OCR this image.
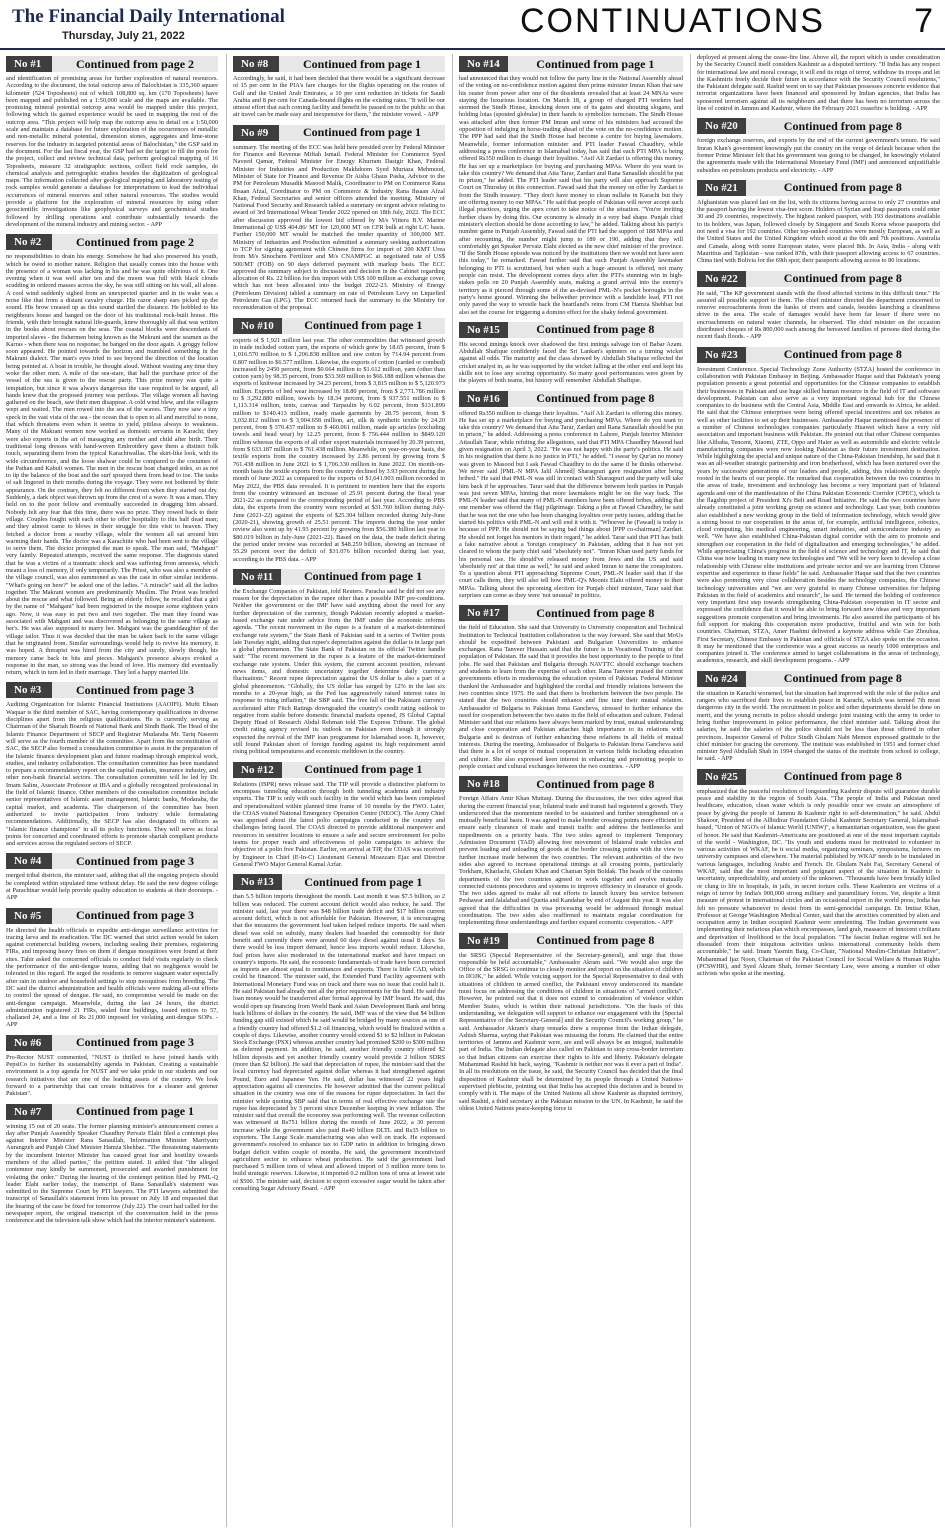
The Financial Daily International
Thursday, July 21, 2022	CONTINUATIONS	7
No #1	Continued from page 2
and identification of promising areas for further exploration of natural resources. According to the document, the total outcrop area of Balochistan is 335,360 square kilometer (524 Toposheets) out of which 108,800 sq. km (170 Toposheets) have been mapped and published on a 1:50,000 scale and the maps are available. The promising mineral potential outcrop area would be mapped under this project, following which its gained experience would be used in mapping the rest of the outcrop area. "This project will help map the outcrop area in detail on a 1:50,000 scale and maintain a database for future exploration of the occurrences of metallic and non-metallic mineral potential, dimension stones, aggregates and lime-stone reserves for the industry in targeted potential areas of Balochistan," the GSP said in the document. For the last fiscal year, the GSP had set the target to fill the posts for the project, collect and review technical data, perform geological mapping of 16 Toposheets, measure 32 stratigraphic sections, collect field rock samples, do chemical analysis and petrographic studies besides the digitization of geological maps. The information collected after geological mapping and laboratory testing of rock samples would generate a database for interpretations to lead the individual occurrences of mineral reserves and other natural resources. The studies would provide a platform for the exploration of mineral resources by using other geoscientific investigations like geophysical surveys and geochemical studies followed by drilling operations and contribute substantially towards the development of the mineral industry and mining sector. - APP
No #2	Continued from page 2
no responsibilities to drain his energy. Somehow he had also preserved his youth, which he owed to mother nature. Religion that usually comes into the house with the presence of a woman was lacking in his and he was quite oblivious of it. One evening when it was well after ten and the moon was full with black clouds scudding in ordered masses across the sky, he was still sitting on his wall, all alone. A cool wind suddenly sighed from an unexpected quarter and in its wake was a noise like that from a distant cavalry charge. His razor sharp ears picked up the sound. His brow creased up as this sound startled the distance. He hobbled to his neighbours house and banged on the door of his traditional rock-built house. His friends, with their brought natural life-guards, knew thoroughly all that was written in the books about rescues on the seas. The coastal blocks were descendants of imported slaves - the fishermen being known as the Mekrani and the seamen as the Karras - when there was no response; he banged on the door again. A groggy fellow soon appeared. He pointed towards the horizon and mumbled something in the Makrani dialect. The man's eyes tried to see beyond the direction of the location being pointed at. A boat in trouble, he thought aloud. Without wasting any time they woke the other men. A mile of the sea-stare, that half the purchase price of the vessel of the sea is given to the rescue party. This prize money was quite a temptation, but since it was always dangerous the case required to be argued, all hands knew that the proposed journey was perilous. The village women all having gathered on the beach, saw their men disappear. A cold wind blew, and the villagers wept and waited. The men rowed into the sea of the waves. They now saw a tiny speck in the vast vista of the sea - the ocean that is open to all and merciful to none, that which threatens even when it seems to yield, pitiless always to weakness. Many of the Makrani women now worked as domestic servants in Karachi; they were also experts in the art of massaging any mother and child after birth. Their traditional long dresses with hand-woven Embroidery gave them a distinct folk touch, separating them from the typical Karachiwallas. The skirt-like look, with its wide circumference, and the loose shalwar could be compared to the costumes of the Pathan and Kabuli women. The men in the rescue boat changed sides, so as not to tip the balance of the boat and the surf sprayed them from head to toe. The tasks of salt lingered in their mouths during the voyage. They were not bothered by their appearance. On the contrary, they felt no different from when they started out dry. Suddenly, a dark object was thrown up from the crest of a wave. It was a man. They held on to the poor fellow and eventually succeeded in dragging him aboard. Nobody felt any fear that this time, there was no prize. They rowed back to their village. Couples fought with each other to offer hospitality to this half dead man; and they almost came to blows in their struggle for this visit to heaven. They fetched a doctor from a nearby village, while the women all sat around him warming their hands. The doctor was a Karachiite who had been sent to the village to serve them. The doctor prompted the man to speak. The man said, "Mahgani" very faintly. Repeated attempts, received the same response. The diagnosis stated that he was a victim of a traumatic shock and was suffering from amnesia, which meant a loss of memory, if only temporarily. The Priest, who was also a member of the village council, was also summoned as was the case in other similar incidents. "What's going on here?" he asked one of the ladies. "A miracle" said all the ladies together. The Makrani women are predominantly Muslim. The Priest was briefed about the rescue and what followed. Being an elderly fellow, he recalled that a girl by the name of "Mahgani" had been registered in the mosque some eighteen years ago. Now, it was easy to put two and two together. The man they found was associated with Mahgani and was discovered as belonging to the same village as her's. He was also supposed to marry her. Mahgani was the granddaughter of the village tailor. Thus it was decided that the man be taken back to the same village that he originated from. Similar surroundings would help to revive his memory, it was hoped. A therapist was hired from the city and surely, slowly though, his memory came back in bits and pieces. Mahgani's presence always evoked a response in the man, so strong was the bond of love. His memory did eventually return, which in turn led to their marriage. They led a happy married life.
No #3	Continued from page 3
Auditing Organization for Islamic Financial Institutions (AAOIFI). Mufti Ehsan Waquar is the third member of SAC, having contemporary qualifications in diverse disciplines apart from the religious qualifications. He is currently serving as Chairman of the Shariah Boards of National Bank and Sindh Bank. The Head of the Islamic Finance Department of SECP and Registrar Mudaraba Mr. Tariq Naseem will serve as the fourth member of the committee. Apart from the reconstitution of SAC, the SECP also formed a consultation committee to assist in the preparation of the Islamic finance development plan and future roadmap through empirical work, studies, and industry collaboration. The consultation committee has been mandated to prepare a recommendatory report on the capital markets, insurance industry, and other non-bank financial sectors. The consultation committee will be led by Dr. Imam Salim, Associate Professor at IBA and a globally recognized professional in the field of Islamic finance. Other members of the consultation committee include senior representatives of Islamic asset management, Islamic banks, Modaraba, the capital market, and academia. The chairperson of the committee has been authorized to invite participation from industry while formulating recommendations. Additionally, the SECP has also designated its officers as "Islamic finance champions" in all its policy functions. They will serve as focal points for concerted and coordinated efforts to promote shariah compliant products and services across the regulated sectors of SECP.
No #4	Continued from page 3
merged tribal districts, the minister said, adding that all the ongoing projects should be completed within stipulated time without delay. He said the new degree college at Parachinar would help provide quality education to students at their doorsteps. - APP
No #5	Continued from page 3
He directed the health officials to expedite anti-dengue surveillance activities for tracing larva and its eradication. The DC warned that strict action would be taken against commercial building owners, including sealing their premises, registering FIRs, and imposing heavy fines on them if dengue mosquitoes were found at their sites. Tahir asked the concerned officials to conduct field visits regularly to check the performance of the anti-dengue teams, adding that no negligence would be tolerated in this regard. He urged the residents to remove stagnant water especially after rain in outdoor and household settings to stop mosquitoes from breeding. The DC said the district administration and health officials were making all-out efforts to control the spread of dengue. He said, no compromise would be made on the anti-dengue campaign. Meanwhile, during the last 24 hours, the district administration registered 21 FIRs, sealed four buildings, issued notices to 57, challaned 24, and a fine of Rs 21,000 imposed for violating anti-dengue SOPs. - APP
No #6	Continued from page 3
Pro-Rector NUST commented, "NUST is thrilled to have joined hands with PepsiCo to further its sustainability agenda in Pakistan. Creating a sustainable environment is a top agenda for NUST and we take pride in our students and our research initiatives that are one of the leading assets of the country. We look forward to a partnership that can create initiatives for a cleaner and greener Pakistan".
No #7	Continued from page 1
winning 15 out of 20 seats. The former planning minister's announcement comes a day after Punjab Assembly Speaker Chaudhry Pervaiz Elahi filed a contempt plea against Interior Minister Rana Sanaullah, Information Minister Marriyum Aurangzeb and Punjab Chief Minister Hamza Shehbaz. "The threatening statements by the incumbent Interior Minister has caused great fear and hostility towards members of the allied parties," the petition stated. It added that "the alleged contemnor may kindly be summoned, prosecuted and awarded punishment for violating the order." During the hearing of the contempt petition filed by PML-Q leader Elahi earlier today, the transcript of Rana Sanaullah's statement was submitted to the Supreme Court by PTI lawyers. The PTI lawyers submitted the transcript of Sanaullah's statement from his presser on July 18 and requested that the hearing of the case be fixed for tomorrow (July 22). The court had called for the newspaper report, the original transcript of the conversation held in the press conference and the television talk show which had the interior minister's statement.
No #8	Continued from page 1
Accordingly, he said, it had been decided that there would be a significant decrease of 15 per cent in the PIA's fare charges for the flights operating on the routes of Gulf and the United Arab Emirates, a 10 per cent reduction in tickets for Saudi Arabia and 8 per cent for Canada-bound flights on the existing rates. "It will be our utmost effort that each coming facility and benefit be passed on to the public so that air travel can be made easy and inexpensive for them," the minister vowed. - APP
No #9	Continued from page 1
summary. The meeting of the ECC was held here presided over by Federal Minister for Finance and Revenue Miftah Ismail. Federal Minister for Commerce Syed Naveed Qamar, Federal Minister for Energy Khurram Dastgir Khan, Federal Minister for Industries and Production Makhdoom Syed Murtaza Mehmood, Minister of State for Finance and Revenue Dr Aisha Ghaus Pasha, Advisor to the PM for Petroleum Musadik Masood Malik, Coordinator to PM on Commerce Rana Ihsaan Afzal, Coordinator to PM on Commerce & Industry Rana Ihsaan Afzal Khan, Federal Secretaries and senior officers attended the meeting. Ministry of National Food Security and Research tabled a summary on urgent advice relating to award of 3rd International Wheat Tender 2022 opened on 18th July, 2022. The ECC after discussion approved the lowest bid offered by M/s Vittera B.V. Marine International @ US$ 404.86/ MT for 120,000 MT on CFR bulk at right L/C basis. Further 150,000 MT would be matched the tender quantity of 300,000 MT. Ministry of Industries and Production submitted a summary seeking authorization to TCP for signing agreement with Chinese firms for import of 200 KMT Urea from M/s Sinochem Fertilizer and M/s CNAMPGC at negotiated rate of US$ 500/MT (FOB) on 90 days deferred payment with markup basis. The ECC approved the summary subject to discussion and decision in the Cabinet regarding allocation of Rs. 22 billion for this import with US$ 100 million as exchange cover, which has not been allocated into the budget 2022-23. Ministry of Energy (Petroleum Division) tabled a summary on rate of Petroleum Levy on Liquefied Petroleum Gas (LPG). The ECC returned back the summary to the Ministry for reconsideration of the proposal.
No #10	Continued from page 1
exports of $ 1,921 million last year. The other commodities that witnessed growth in trade included cotton yarn, the exports of which grew by 18.65 percent, from $ 1,016.570 million to $ 1,206.838 million and raw cotton by 714.94 percent from 0.807 million to $6.577 million. Likewise, the exports of cotton (carded or combed) increased by 2450 percent, from $0.664 million to $1.612 million, yarn (other than cotton yarn) by 98.35 percent, from $33.369 million to $66.188 million whereas the exports of knitwear increased by 34.23 percent, from $ 3,815 million to $ 5,120.973 million. Exports of bed wear increased by 18.80 percent, from $ 2,771.786 million to $ 3,292.880 million, towels by 18.34 percent, from $ 937.551 million to $ 1,113.314 million, tents, canvas and Tarpaulin by 6.02 percent, from $131.899 million to $140.413 million, ready made garments by 28.75 percent, from $ 3,032.812 million to $ 3,904.658 million, art, silk & synthetic textile by 24.20 percent, from $ 370.437 million to $ 460.061 million, made up articles (excluding towels and bead wear) by 12.25 percent, from $ 756.444 million to $849.120 million whereas the exports of all other export materials increased by 20.39 percent, from $ 633.187 million to $ 761.438 million. Meanwhile, on year-on-year basis, the textile exports from the country increased by 2.86 percent by growing from $ 761.438 million in June 2021 to $ 1,706.330 million in June 2022. On month-on-month basis the textile exports from the country declined by 3.93 percent during the month of June 2022 as compared to the exports of $1,641.903 million recorded in May 2022, the PBS data revealed. It is pertinent to mention here that the exports from the country witnessed an increase of 25.91 percent during the fiscal year 2021-22 as compared to the corresponding period of last year. According to PBS data, the exports from the country were recorded at $31.760 billion during July-June (2021-22) against the exports of $25.304 billion recorded during July-June (2020-21), showing growth of 25.51 percent. The imports during the year under review also went up by 41.93 percent by growing from $56.380 billion last year to $80.019 billion in July-June (2021-22). Based on the data, the trade deficit during the period under review was recorded at $48.259 billion, showing an increase of 55.29 percent over the deficit of $31.076 billion recorded during last year, according to the PBS data. - APP
No #11	Continued from page 1
the Exchange Companies of Pakistan, told Reuters. Paracha said he did not see any reason for the depreciation in the rupee other than a possible IMF pre-conditions. Neither the government or the IMF have said anything about the need for any further depreciation of the currency, though Pakistan recently adopted a market-based exchange rate under advice from the IMF under the economic reforms agenda. "The recent movement in the rupee is a feature of a market-determined exchange rate system," the State Bank of Pakistan said in a series of Twitter posts late Tuesday night, adding that rupee's depreciation against the dollar is in large part a global phenomenon. The State Bank of Pakistan on its official Twitter handle said: "The recent movement in the rupee is a feature of the market-determined exchange rate system. Under this system, the current account position, relevant news items, and domestic uncertainty together determine daily currency fluctuations." Recent rupee depreciation against the US dollar is also a part of a global phenomenon. "Globally, the US dollar has surged by 12% in the last six months to a 20-year high, as the Fed has aggressively raised interest rates in response to rising inflation," the SBP said. The free fall of the Pakistani currency accelerated after Fitch Ratings downgraded the country's credit rating outlook to negative from stable before domestic financial markets opened, JS Global Capital Deputy Head of Research Abdul Rehman told The Express Tribune. The global credit rating agency revised its outlook on Pakistan even though it strongly expected the revival of the IMF loan programme for Islamabad soon. It, however, still found Pakistan short of foreign funding against its high requirement amid rising political temperatures and economic meltdown in the country.
No #12	Continued from page 1
Relations (ISPR) news release said. The TIP will provide a distinctive platform to encompass tunneling education through both tunneling academia and industry experts. The TIP is only with such facility in the world which has been completed and operationalized within planned time frame of 10 months by the FWO. Later, the COAS visited National Emergency Operation Centre (NEOC). The Army Chief was apprised about the latest polio campaigns conducted in the country and challenges being faced. The COAS directed to provide additional manpower and resources in sensitive locations to ensure a safe and secure environment for polio teams for proper reach and effectiveness of polio campaigns to achieve the objective of a polio free Pakistan. Earlier, on arrival at TIP, the COAS was received by Engineer in Chief (E-In-C) Lieutenant General Moazzam Ejaz and Director General FWO Major General Kamal Azfar.
No #13	Continued from page 1
than 5.5 billion imports throughout the month. Last month it was $7.5 billion, so 2 billion was reduced. The current account deficit would also reduce, he said. The minister said, last year there was $48 billion trade deficit and $17 billion current account deficit, which is not affordable for Pakistan. However, it is encouraging that the measures the government had taken helped reduce imports. He said when diesel was sold on subsidy, many dealers had hoarded the commodity for their benefit and currently there were around 60 days diesel against usual 8 days. So there would be less import demand, hence less imports would reduce. Likewise, fuel prices have also moderated in the international market and have impact on country's imports. He said, the economic fundamentals of trade have been corrected as imports are almost equal to remittances and exports. There is little CAD, which could be financed. The minister said, the Extended Fund Facility agreement with International Monetary Fund was on track and there was no issue that could halt it. He said Pakistan had already met all the prior requirements for the fund. He said the loan money would be transferred after formal approval by IMF board. He said, this would open up financing from World Bank and Asian Development Bank and bring back billions of dollars in the country. He said, IMF was of the view that $4 billion funding gap still existed which he said would be bridged by many sources as one of a friendly country had offered $1.2 oil financing, which would be finalized within a couple of days. Likewise, another country would extend $1 to $2 billion in Pakistan Stock Exchange (PSX) whereas another country had promised $200 to $300 million as deferred payment. In addition, he said, another friendly country offered $2 billion deposits and yet another friendly country would provide 2 billion SDRS (more than $2 billion). He said that depreciation of rupee, the minister said that the local currency had depreciated against dollar whereas it had strengthened against Pound, Euro and Japanese Yen. He said, dollar has witnessed 22 years high appreciation against all currencies. He however admitted that the current political situation in the country was one of the reasons for rupee depreciation. In fact the minister while quoting SBP said that in terms of real effective exchange rate the rupee has depreciated by 3 percent since December keeping in view inflation. The minister said that overall the economy was performing well. The revenue collection was witnessed at Rs751 billion during the month of June 2022, a 30 percent increase while the government also paid Rs40 billion DLTL and Rs35 billion to exporters. The Large Scale manufacturing was also well on track. He expressed government's resolved to enhance tax to GDP ratio in addition to bringing down budget deficit within couple of months. He said, the government incentivized agriculture sector to enhance wheat production. He said the government had purchased 5 million tons of wheat and allowed import of 3 million more tons to build strategic reserves. Likewise, it imported 0.2 million tons of urea at lowest rate of $500. The minister said, decision to export excessive sugar would be taken after consulting Sugar Advisory Board. - APP
No #14	Continued from page 1
had announced that they would not follow the party line in the National Assembly ahead of the voting on no-confidence motion against then prime minister Imran Khan that saw his ouster from power after one of the dissidents revealed that at least 24 MNAs were staying the luxurious location. On March 18, a group of charged PTI workers had stormed the Sindh House, knocking down one of its gates and shouting slogans, and holding lotas (spouted globular) in their hands to symbolize turncoats. The Sindh House was attacked after then former PM Imran and some of his ministers had accused the opposition of indulging in horse-trading ahead of the vote on the no-confidence motion. The PPP had said that the Sindh House had become a centre for buying lawmakers. Meanwhile, former information minister and PTI leader Fawad Chaudhry, while addressing a press conference in Islamabad today, has said that each PTI MPA is being offered Rs350 million to change their loyalties. "Asif Ali Zardari is offering this money. He has set up a marketplace for buying and purchasing MPAs. Where do you want to take this country? We demand that Atta Tarar, Zardari and Rana Sanaullah should be put in prison," he added. The PTI leader said that his party will also approach Supreme Court on Thursday in this connection. Fawad said that the money on offer by Zardari is from the Sindh treasury. "They don't have money to clean nullahs in Karachi but they are offering money to our MPAs." He said that people of Pakistan will never accept such illegal practices, urging the apex court to take notice of the situation. "You're inviting further chaos by doing this. Our economy is already in a very bad shape. Punjab chief minister's election should be done according to law," he added. Talking about his party's number game in Punjab Assembly, Fawad said the PTI had the support of 188 MPAs and after recounting, the number might jump to 189 or 190, adding that they will comfortably get Speaker Pervaiz Elahi elected as the new chief minister of the province. "If the Sindh House episode was noticed by the institutions then we would not have seen this today," he remarked. Fawad further said that each Punjab Assembly lawmaker belonging to PTI is scrutinised, but when such a huge amount is offered, not many people can resist. The development comes days after the PTI's stunning win in high-stakes polls on 20 Punjab Assembly seats, making a grand arrival into the enemy's territory as it pierced through some of the as-devised PML-N's pocket boroughs in the party's home ground. Winning the bellwether province with a landslide lead, PTI not only paved the way to wrestle back the heartland's reins from CM Hamza Shehbaz but also set the course for triggering a domino effect for the shaky federal government.
No #15	Continued from page 8
His second innings knock over shadowed the first innings salvage ton of Babar Azam. Abdullah Shafique confidently faced the Sri Lankan's spinners on a turning wicket against all odds. The maturity and the class showed by Abdullah Shafique reflected the cricket analyst in, as he was supported by the wicket falling at the other end and kept his skills not to lose any scoring opportunity. So many good performances were given by the players of both teams, but history will remember Abdullah Shafique.
No #16	Continued from page 8
offered Rs350 million to change their loyalties. "Asif Ali Zardari is offering this money. He has set up a marketplace for buying and purchasing MPAs. Where do you want to take this country? We demand that Atta Tarar, Zardari and Rana Sanaullah should be put in prison," he added. Addressing a press conference in Lahore, Punjab Interior Minister Attaullah Tarar, while refuting the allegations, said that PTI MPA Chaudhry Masood had given resignation on April 3, 2022. "He was not happy with the party's politics. He said in his resignation that there is no justice in PTI," he added. "I swear by Qur'an no money was given to Masood but I ask Fawad Chaudhry to do the same if he thinks otherwise. We never said [PML-N MPA Jalil Ahmed] Sharaqpuri gave resignation after being bribed." He said that PML-N was still in contact with Sharaqpuri and the party will take him back if he approaches. Tarar said that the difference between both parties in Punjab was just seven MPAs, hinting that more lawmakers might be on the way back. The PML-N leader said that many of PML-N members have been offered bribes, adding that one member was offered the Hajj pilgrimage. Taking a jibe at Fawad Chaudhry, he said that he was not the one who has been changing loyalties over petty issues, adding that he started his politics with PML-N and will end it with it. "Whoever he (Fawad) is today is because of PPP. He should not be saying bad things about [PPP co-chairman] Zardari. He should not forget his mentors in their regard," he added. Tarar said that PTI has built a fake narrative about a 'foreign conspiracy' in Pakistan, adding that it has not yet cleared to whom the party chief said "absolutely not". "Imran Khan used party funds for his personal use. He should've released money from Jews and the US and said 'absolutely not' at that time as well," he said and asked Imran to name the conspirators. To a question about PTI approaching Supreme Court, PML-N leader said that if the court calls them, they will also tell how PML-Q's Moonis Elahi offered money to their MPAs. Talking about the upcoming election for Punjab chief minister, Tarar said that surprises can come as they were 'not unusual' in politics.
No #17	Continued from page 8
the field of Education. She said that University to University cooperation and Technical Institution to Technical Institution collaboration is the way forward. She said that MoUs should be expedited between Pakistani and Bulgarian Universities to enhance exchanges. Rana Tanveer Hussain said that the future is in Vocational Training of the population of Pakistan. He said that it provides the best opportunity to the people to find jobs. He said that Pakistan and Bulgaria through NAVTTC should exchange teachers and students to learn from the expertise of each other. Rana Tanveer praised the current governments efforts in modernising the education system of Pakistan. Federal Minister thanked the Ambassador and highlighted the cordial and friendly relations between the two countries since 1975. He said that there is brotherism between the two people. He stated that the two countries should enhance and fine tune their mutual relation. Ambassador of Bulgaria to Pakistan Irena Gancheva, stressed to further enhance the need for cooperation between the two states in the field of education and culture. Federal Minister said that our relations have always been marked by trust, mutual understanding and close cooperation and Pakistan attaches high importance to its relations with Bulgaria and is desirous of further enhancing these relations in all fields of mutual interests. During the meeting, Ambassador of Bulgaria to Pakistan Irena Gancheva said that there is a lot of scope of mutual cooperation in various fields including education and culture. She also expressed keen interest in enhancing and promoting people to people contact and cultural exchanges between the two countries. - APP
No #18	Continued from page 8
Foreign Affairs Amir Khan Muttaqi. During the discussions, the two sides agreed that during the current financial year, bilateral trade and transit had registered a growth. They underscored that the momentum needed to be sustained and further strengthened on a mutually beneficial basis. It was agreed to make border crossing points more efficient to ensure early clearance of trade and transit traffic and address the bottlenecks and impediments on a priority basis. The two sides agreed to implement Temporary Admission Document (TAD) allowing free movement of bilateral trade vehicles and prevent loading and unloading of goods at the border crossing points with the view to further increase trade between the two countries. The relevant authorities of the two sides also agreed to increase operational timings at all crossing points, particularly Torkham, Kharlachi, Ghulam Khan and Chaman Spin Boldak. The heads of the customs departments of the two countries agreed to work together and evolve mutually connected customs procedures and systems to improve efficiency in clearance of goods. The two sides agreed to make all out efforts to launch luxury bus service between Peshawar and Jalalabad and Quetta and Kandahar by end of August this year. It was also agreed that the difficulties in visa processing would be addressed through mutual coordination. The two sides also reaffirmed to maintain regular coordination for implementing these understandings and further expand economic cooperation. - APP
No #19	Continued from page 8
the SRSG (Special Representative of the Secretary-general), and urge that those responsible be held accountable," Ambassador Akram said. "We would also urge the Office of the SRSG to continue to closely monitor and report on the situation of children in IIOJK," he added. While voicing support for the Special Representative to deal with situations of children in armed conflict, the Pakistani envoy underscored its mandate must focus on addressing the conditions of children in situations of "armed conflicts". However, he pointed out that it does not extend to consideration of violence within Member States, which is within their national jurisdictions. "On the basis of this understanding, we delegation will support to enhance our engagement with the [Special Representative of the Secretary-General] and the Security Council's working group," he said. Ambassador Akram's sharp remarks drew a response from the Indian delegate, Ashish Sharma, saying that Pakistan was misusing the forum. He claimed that the entire territories of Jammu and Kashmir were, are and will always be an integral, inalienable part of India. The Indian delegate also called on Pakistan to stop cross-border terrorism so that Indian citizens can exercise their rights to life and liberty. Pakistan's delegate Muhammad Rashid hit back, saying, "Kashmir is neither nor was it ever a part of India". In all its resolutions on the issue, he said, the Security Council has decided that the final disposition of Kashmir shall be determined by its people through a United Nations-supervised plebiscite, pointing out that India has accepted this decision and is bound to comply with it. The maps of the United Nations all show Kashmir as disputed territory, said Rashid, a third secretary at the Pakistan mission to the UN. In Kashmir, he said the oldest United Nations peace-keeping force is
deployed at present along the cease-fire line. Above all, the report which is under consideration by the Security Council itself considers Kashmir as a disputed territory. "If India has any respect for international law and moral courage, it will end its reign of terror, withdraw its troops and let the Kashmiris freely decide their future in accordance with the Security Council resolutions," the Pakistani delegate said. Rashid went on to say that Pakistan possesses concrete evidence that terrorist organizations have been financed and sponsored by Indian agencies, that India has sponsored terrorism against all its neighbours and that there has been no terrorism across the line of control in Jammu and Kashmir, where the February 2021 ceasefire is holding. - APP
No #20	Continued from page 8
foreign exchange reserves, and exports by the end of the current government's tenure. He said Imran Khan's government knowingly put the country on the verge of default because when the former Prime Minister felt that his government was going to be changed, he knowingly violated the agreements made with the International Monetary Fund (IMF) and announced unjustifiable subsidies on petroleum products and electricity. - APP
No #21	Continued from page 8
Afghanistan was placed last on the list, with its citizens having access to only 27 countries and the passport having the lowest visa-free score. Holders of Syrian and Iraqi passports could enter 30 and 29 countries, respectively. The highest ranked passport, with 193 destinations available to its holders, was Japan, followed closely by Singapore and South Korea whose passports did not need a visa for 192 countries. Other top-ranked countries were mostly European, as well as the United States and the United Kingdom which stood at the 6th and 7th positions. Australia and Canada, along with some European states, were placed 8th. In Asia, India - along with Mauritius and Tajikistan - was ranked 87th, with their passport allowing access to 67 countries. China tied with Bolivia for the 69th spot; their passports allowing access to 80 locations.
No #22	Continued from page 8
He said, "The KP government stands with the flood affected victims in this difficult time." He assured all possible support to them. The chief minister directed the department concerned to remove encroachments from the banks of rivers and canals, besides launching a cleanliness drive in the area. The scale of damages would have been far lesser if there were no encroachments on natural water channels, he observed. The chief minister on the occasion distributed cheques of Rs 800,000 each among the bereaved families of persons died during the recent flash floods. - APP
No #23	Continued from page 8
Investment Conference. Special Technology Zone Authority (STZA) hosted the conference in collaboration with Pakistan Embassy in Beijing. Ambassador Haque said that Pakistan's young population presents a great potential and opportunities for the Chinese companies to establish their businesses in Pakistan and use huge skilled human resource in the field of IT and software development. Pakistan can also serve as a very important regional hub for the Chinese companies to do business with the Central Asia, Middle East and onwards to Africa, he added. He said that the Chinese enterprises were being offered special incentives and tax rebates as well as other facilities to set up their businesses. Ambassador Haque mentioned the presence of a number of Chinese technologies companies particularly Huawei which have a very old association and important business with Pakistan. He pointed out that other Chinese companies like Alibaba, Tencent, Xiaomi, ZTE, Oppo and Haier as well as automobile and electric vehicle manufacturing companies were now looking Pakistan as their future investment destination. While highlighting the special and unique nature of the China-Pakistan friendship, he said that it was an all-weather strategic partnership and iron brotherhood, which has been nurtured over the years by successive generations of our leaders and people, adding, this relationship is deeply rooted in the hearts of our people. He remarked that cooperation between the two countries in the areas of trade, investment and technology has become a very important part of bilateral agenda and one of the manifestation of the China Pakistan Economic Corridor (CPEC), which is the flagship project of President Xi's Belt and Road Initiative. He said the two countries have already constituted a joint working group on science and technology. Last year, both countries also established a new working group in the field of information technology, which would give a strong boost to our cooperation in the areas of, for example, artificial intelligence, robotics, cloud computing, bio medical engineering, smart industries, and semiconductor industry as well. "We have also established China-Pakistan digital corridor with the aim to promote and strengthen our cooperation in the field of digitalization and emerging technologies," he added. While appreciating China's progress in the field of science and technology and IT, he said that China was now leading in many new technologies and "We will be very keen to develop a close relationship with Chinese elite institutions and private sector and we are learning from Chinese expertise and experience in these fields" he said. Ambassador Haque said that the two countries were also promoting very close collaboration besides the technology companies, the Chinese technology universities and "we are very grateful to many Chinese universities for helping Pakistan in the field of academics and research", he said. He termed the holding of conference very important first step towards strengthening China-Pakistan cooperation in IT sector and expressed the confidence that it would be able to bring forward new ideas and very important suggestions promote cooperation and bring investments. He also assured the participants of his full support for making this cooperation more productive, fruitful and win win for both countries. Chairman, STZA, Amer Hashmi delivered a keynote address while Cao Zhouhua, First Secretary, Chinese Embassy in Pakistan and officials of STZA also spoke on the occasion. It may be mentioned that the conference was a great success as nearly 1000 enterprises and companies joined it. The conference aimed to target collaborations in the areas of technology, academics, research, and skill development programs. - APP
No #24	Continued from page 8
the situation in Karachi worsened, but the situation had improved with the role of the police and rangers who sacrificed their lives to establish peace in Karachi, which was termed 7th most dangerous city in the world. The recruitment in police and other departments should be done on merit, and the young recruits in police should undergo joint training with the army in order to bring further improvement in police performance, the chief minister said. Talking about the salaries, he said the salaries of the police should not be less than those offered in other provinces. Inspector General of Police Sindh Ghulam Nabi Memon expressed gratitude to the chief minister for gracing the ceremony. The institute was established in 1951 and former chief minister Syed Abdullah Shah in 1994 changed the status of the institute from school to college, he said. - APP
No #25	Continued from page 8
emphasized that the peaceful resolution of longstanding Kashmir dispute will guarantee durable peace and stability in the region of South Asia. "The people of India and Pakistan need healthcare, education, clean water which is only possible once we create an atmosphere of peace by giving the people of Jammu & Kashmir right to self-determination," he said. Abdul Shakoor, President of the Allbidirar Foundation Global Kashmir Secretary General, Islamabad-based, "Union of NGO's of Islamic World (UNIW)", a humanitarian organization, was the guest of honor. He said that Kashmiri-Americans are positioned at one of the most important capitals of the world - Washington, DC. "Its youth and students must be motivated to volunteer in various activities of WKAF, be it social media, organizing seminars, symposiums, lectures on university campuses and elsewhere. The material published by WKAF needs to be translated in various languages, including Arabic and French. Dr. Ghulam Nabi Fai, Secretary General of WKAF, said that the most important and poignant aspect of the situation in Kashmir is uncertainty, unpredictability, and anxiety of the unknown. "Thousands have been brutally killed or clung to life in hospitals, in jails, in secret torture cells. These Kashmiris are victims of a reign of terror by India's 900,000 strong military and paramilitary forces. Yet, despite a limit measure of protest in international circles and an occasional report in the world press, India has felt no pressure whatsoever to desist from its semi-genocidal campaign. Dr. Imtiaz Khan, Professor at George Washington Medical Center, said that the atrocities committed by alien and occupation army in Indian occupied Kashmir were unrelenting. The Indian government was implementing their nefarious plan which encompasses, land grab, massacre of innocent civilians and deprivation of livelihood to the local population. "The fascist Indian regime will not be dissuaded from their iniquitous activities unless international community holds them accountable," he said. Imam Yasmin Baig, Co-Chair, "National Muslim-Christian Initiative", Muhammad Ijaz Noon, Chairman of the Pakistan Council for Social Welfare & Human Rights (PCSWHR), and Syed Akram Shah, former Secretary Law, were among a number of other activists who spoke at the meeting.
